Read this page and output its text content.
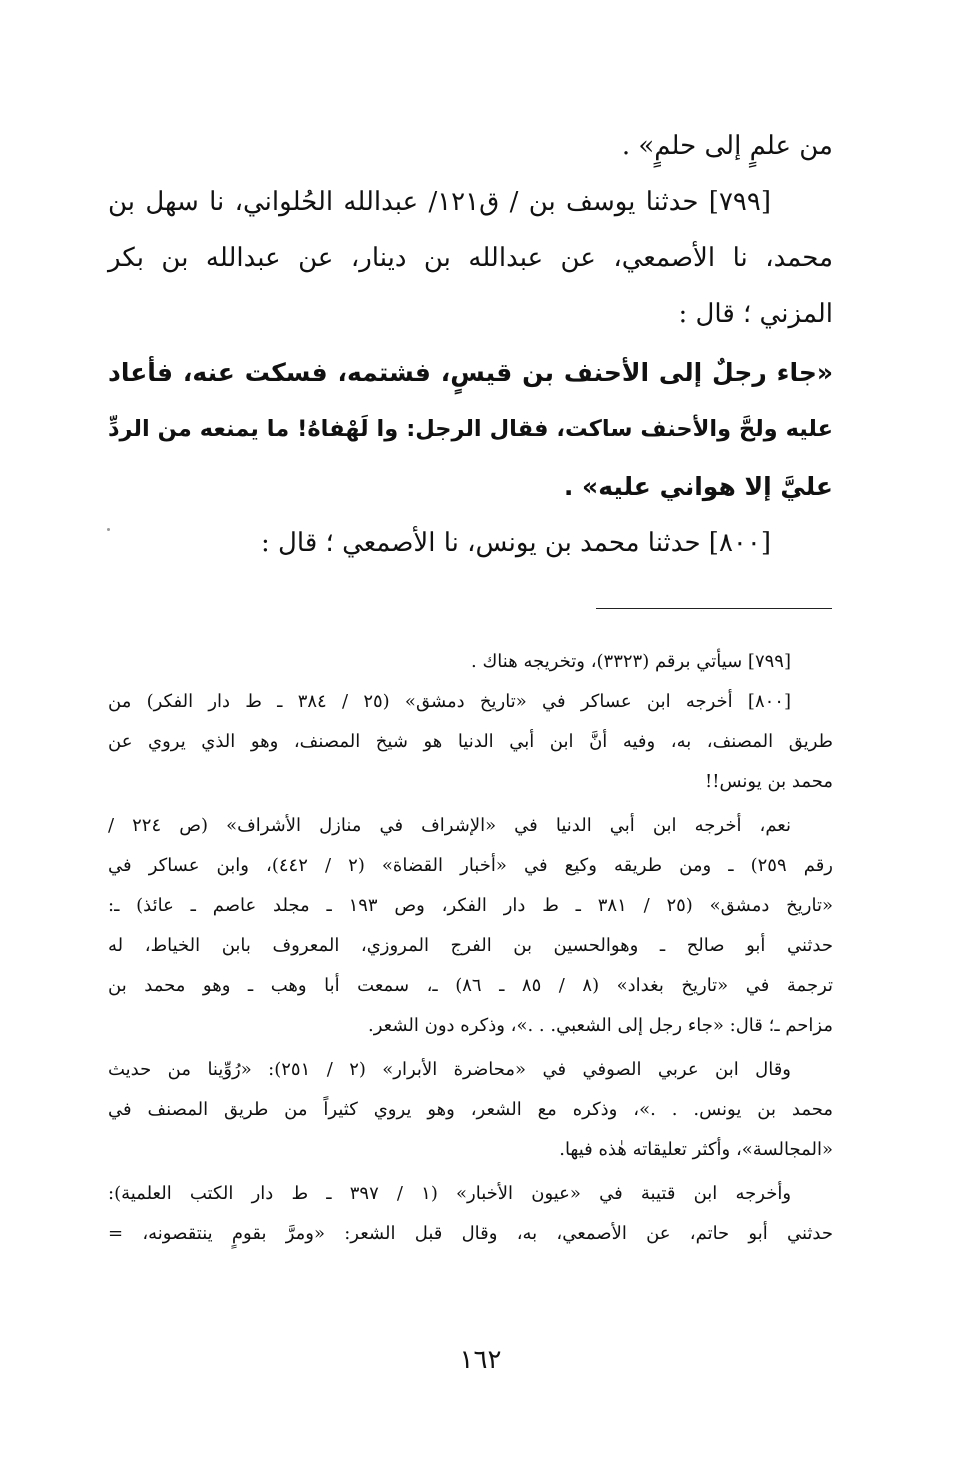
من علمٍ إلى حلمٍ» .
[٧٩٩] حدثنا يوسف بن / ق١٢١/ عبدالله الحُلواني، نا سهل بن
محمد، نا الأصمعي، عن عبدالله بن دينار، عن عبدالله بن بكر
المزني ؛ قال :
«جاء رجلٌ إلى الأحنف بن قيسٍ، فشتمه، فسكت عنه، فأعاد
عليه ولحَّ والأحنف ساكت، فقال الرجل: وا لَهْفاهُ! ما يمنعه من الردِّ
عليَّ إلا هواني عليه» .
[٨٠٠] حدثنا محمد بن يونس، نا الأصمعي ؛ قال :
[٧٩٩] سيأتي برقم (٣٣٢٣)، وتخريجه هناك .
[٨٠٠] أخرجه ابن عساكر في «تاريخ دمشق» (٢٥ / ٣٨٤ ـ ط دار الفكر) من
طريق المصنف، به، وفيه أنَّ ابن أبي الدنيا هو شيخ المصنف، وهو الذي يروي عن
محمد بن يونس!!
نعم، أخرجه ابن أبي الدنيا في «الإشراف في منازل الأشراف» (ص ٢٢٤ /
رقم ٢٥٩) ـ ومن طريقه وكيع في «أخبار القضاة» (٢ / ٤٤٢)، وابن عساكر في
«تاريخ دمشق» (٢٥ / ٣٨١ ـ ط دار الفكر، وص ١٩٣ ـ مجلد عاصم ـ عائذ) ـ:
حدثني أبو صالح ـ وهوالحسين بن الفرج المروزي، المعروف بابن الخياط، له
ترجمة في «تاريخ بغداد» (٨ / ٨٥ ـ ٨٦) ـ، سمعت أبا وهب ـ وهو محمد بن
مزاحم ـ؛ قال: «جاء رجل إلى الشعبي. . .»، وذكره دون الشعر.
وقال ابن عربي الصوفي في «محاضرة الأبرار» (٢ / ٢٥١): «رُوِّينا من حديث
محمد بن يونس. . .»، وذكره مع الشعر، وهو يروي كثيراً من طريق المصنف في
«المجالسة»، وأكثر تعليقاته هٰذه فيها.
وأخرجه ابن قتيبة في «عيون الأخبار» (١ / ٣٩٧ ـ ط دار الكتب العلمية):
حدثني أبو حاتم، عن الأصمعي، به، وقال قبل الشعر: «ومرَّ بقومٍ ينتقصونه، =
١٦٢
